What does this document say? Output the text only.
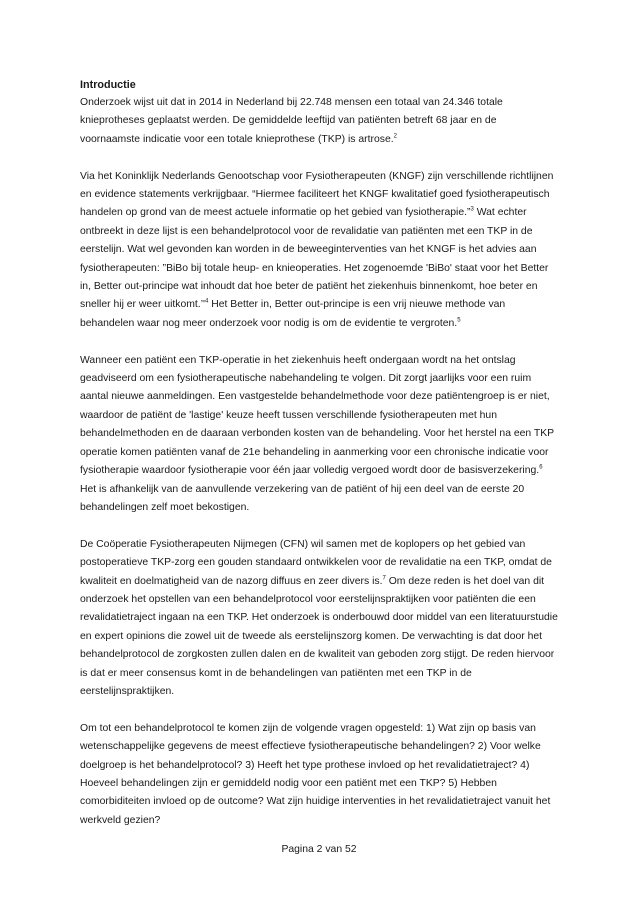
Introductie

Onderzoek wijst uit dat in 2014 in Nederland bij 22.748 mensen een totaal van 24.346 totale knieprotheses geplaatst werden. De gemiddelde leeftijd van patiënten betreft 68 jaar en de voornaamste indicatie voor een totale knieprothese (TKP) is artrose.$^2$

Via het Koninklijk Nederlands Genootschap voor Fysiotherapeuten (KNGF) zijn verschillende richtlijnen en evidence statements verkrijgbaar. “Hiermee faciliteert het KNGF kwalitatief goed fysiotherapeutisch handelen op grond van de meest actuele informatie op het gebied van fysiotherapie.”$^3$ Wat echter ontbreekt in deze lijst is een behandelprotocol voor de revalidatie van patiënten met een TKP in de eerstelijn. Wat wel gevonden kan worden in de beweeginterventies van het KNGF is het advies aan fysiotherapeuten: ”BiBo bij totale heup- en knieoperaties. Het zogenoemde 'BiBo' staat voor het Better in, Better out-principe wat inhoudt dat hoe beter de patiënt het ziekenhuis binnenkomt, hoe beter en sneller hij er weer $uitkomt.’'^4$ Het Better in, Better out-principe is een vrij nieuwe methode van behandelen waar nog meer onderzoek voor nodig is om de evidentie te vergroten.$^5$

Wanneer een patiënt een TKP-operatie in het ziekenhuis heeft ondergaan wordt na het ontslag geadviseerd om een fysiotherapeutische nabehandeling te volgen. Dit zorgt jaarlijks voor een ruim aantal nieuwe aanmeldingen. Een vastgestelde behandelmethode voor deze patiëntengroep is er niet, waardoor de patiënt de 'lastige' keuze heeft tussen verschillende fysiotherapeuten met hun behandelmethoden en de daaraan verbonden kosten van de behandeling. Voor het herstel na een TKP operatie komen patiënten vanaf de 21e behandeling in aanmerking voor een chronische indicatie voor fysiotherapie waardoor fysiotherapie voor één jaar volledig vergoed wordt door de basisverzekering.$^6$ Het is afhankelijk van de aanvullende verzekering van de patiënt of hij een deel van de eerste 20 behandelingen zelf moet bekostigen.

De Coöperatie Fysiotherapeuten Nijmegen (CFN) wil samen met de koplopers op het gebied van postoperatieve TKP-zorg een gouden standaard ontwikkelen voor de revalidatie na een TKP, omdat de kwaliteit en doelmatigheid van de nazorg diffuus en zeer divers is.$^7$ Om deze reden is het doel van dit onderzoek het opstellen van een behandelprotocol voor eerstelijnspraktijken voor patiënten die een revalidatietraject ingaan na een TKP. Het onderzoek is onderbouwd door middel van een literatuurstudie en expert opinions die zowel uit de tweede als eerstelijnszorg komen. De verwachting is dat door het behandelprotocol de zorgkosten zullen dalen en de kwaliteit van geboden zorg stijgt. De reden hiervoor is dat er meer consensus komt in de behandelingen van patiënten met een TKP in de eerstelijnspraktijken.

Om tot een behandelprotocol te komen zijn de volgende vragen opgesteld: 1) Wat zijn op basis van wetenschappelijke gegevens de meest effectieve fysiotherapeutische behandelingen? 2) Voor welke doelgroep is het behandelprotocol? 3) Heeft het type prothese invloed op het revalidatietraject? 4) Hoeveel behandelingen zijn er gemiddeld nodig voor een patiënt met een TKP? 5) Hebben comorbiditeiten invloed op de outcome? Wat zijn huidige interventies in het revalidatietraject vanuit het werkveld gezien?

Pagina 2 van 52
